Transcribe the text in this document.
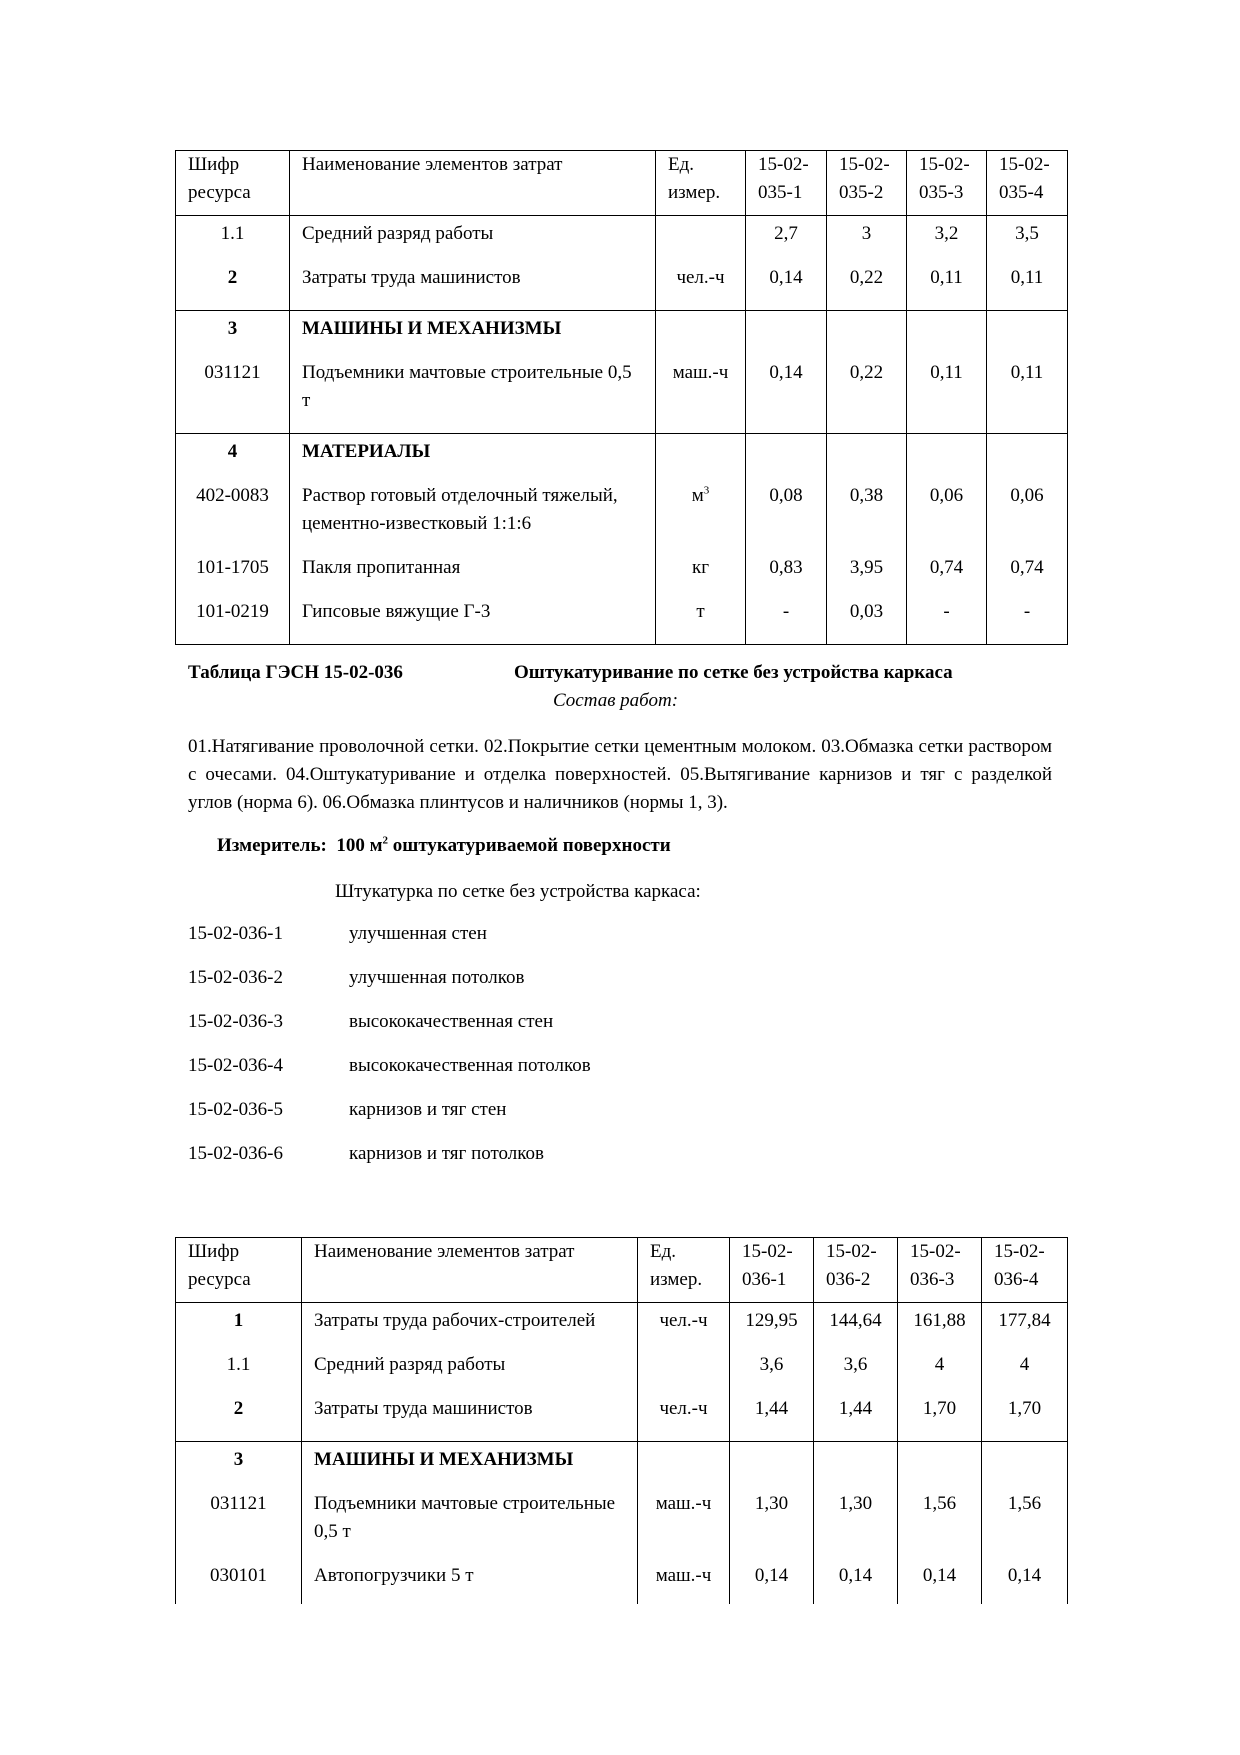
Шифр ресурса	Наименование элементов затрат	Ед. измер.	15-02-035-1	15-02-035-2	15-02-035-3	15-02-035-4
1.1	Средний разряд работы		2,7	3	3,2	3,5
2	Затраты труда машинистов	чел.-ч	0,14	0,22	0,11	0,11
3	МАШИНЫ И МЕХАНИЗМЫ					
031121	Подъемники мачтовые строительные 0,5 т	маш.-ч	0,14	0,22	0,11	0,11
4	МАТЕРИАЛЫ					
402-0083	Раствор готовый отделочный тяжелый, цементно-известковый 1:1:6	$м^3$	0,08	0,38	0,06	0,06
101-1705	Пакля пропитанная	кг	0,83	3,95	0,74	0,74
101-0219	Гипсовые вяжущие Г-3	т	-	0,03	-	-
Таблица ГЭСН 15-02-036	Оштукатуривание по сетке без устройства каркаса
Состав работ:
01.Натягивание проволочной сетки. 02.Покрытие сетки цементным молоком. 03.Обмазка сетки раствором с очесами. 04.Оштукатуривание и отделка поверхностей. 05.Вытягивание карнизов и тяг с разделкой углов (норма 6). 06.Обмазка плинтусов и наличников (нормы 1, 3).
Измеритель: 100 $м^2$ оштукатуриваемой поверхности
Штукатурка по сетке без устройства каркаса:
15-02-036-1	улучшенная стен
15-02-036-2	улучшенная потолков
15-02-036-3	высококачественная стен
15-02-036-4	высококачественная потолков
15-02-036-5	карнизов и тяг стен
15-02-036-6	карнизов и тяг потолков
Шифр ресурса	Наименование элементов затрат	Ед. измер.	15-02-036-1	15-02-036-2	15-02-036-3	15-02-036-4
1	Затраты труда рабочих-строителей	чел.-ч	129,95	144,64	161,88	177,84
1.1	Средний разряд работы		3,6	3,6	4	4
2	Затраты труда машинистов	чел.-ч	1,44	1,44	1,70	1,70
3	МАШИНЫ И МЕХАНИЗМЫ					
031121	Подъемники мачтовые строительные 0,5 т	маш.-ч	1,30	1,30	1,56	1,56
030101	Автопогрузчики 5 т	маш.-ч	0,14	0,14	0,14	0,14
